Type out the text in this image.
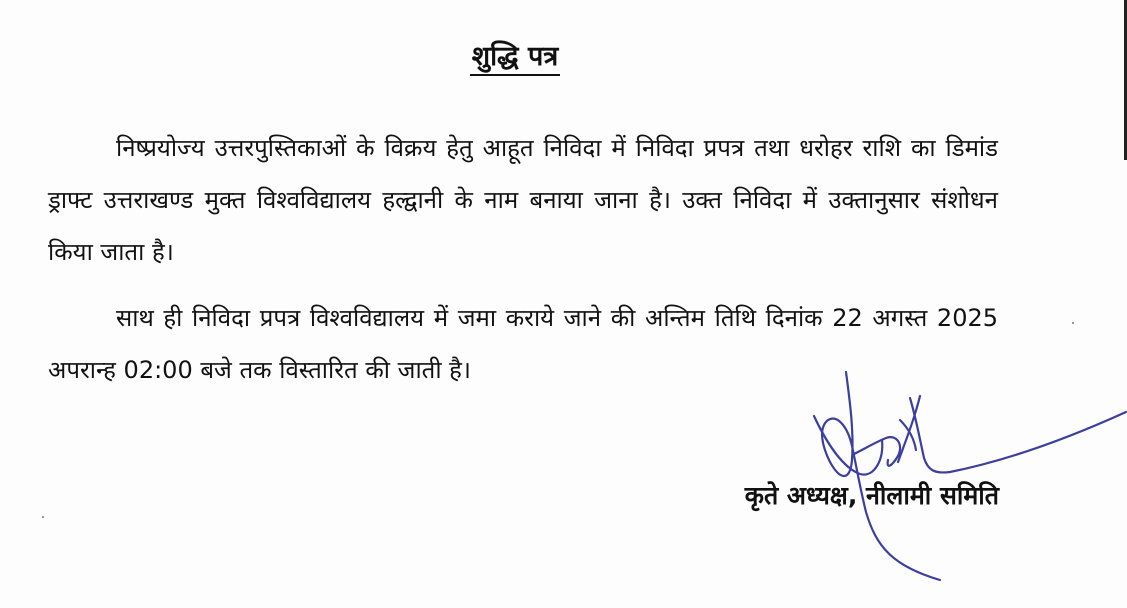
शुद्धि पत्र

निष्प्रयोज्य उत्तरपुस्तिकाओं के विक्रय हेतु आहूत निविदा में निविदा प्रपत्र तथा धरोहर राशि का डिमांड ड्राफ्ट उत्तराखण्ड मुक्त विश्वविद्यालय हल्द्वानी के नाम बनाया जाना है। उक्त निविदा में उक्तानुसार संशोधन किया जाता है।

साथ ही निविदा प्रपत्र विश्वविद्यालय में जमा कराये जाने की अन्तिम तिथि दिनांक 22 अगस्त 2025 अपरान्ह 02:00 बजे तक विस्तारित की जाती है।

कृते अध्यक्ष, नीलामी समिति
